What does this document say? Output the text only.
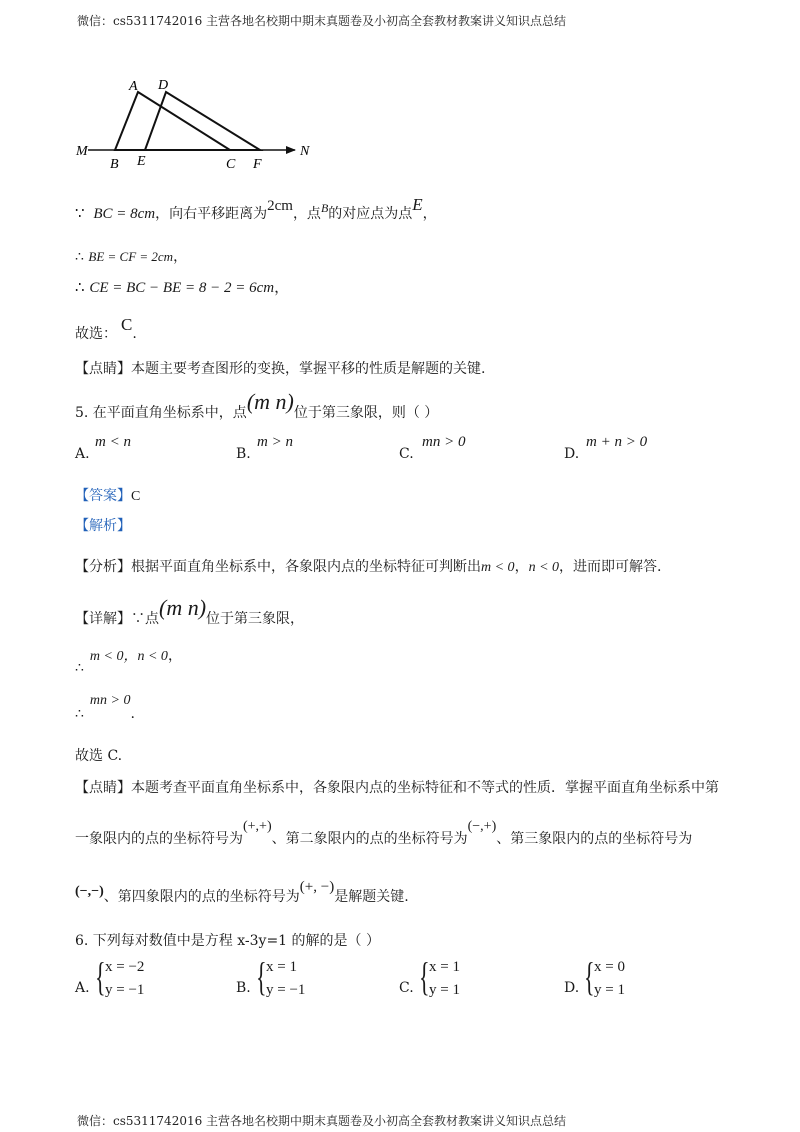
微信：cs5311742016 主营各地名校期中期末真题卷及小初高全套教材教案讲义知识点总结
A D
M	N
B E	C F
∵ BC = 8cm，向右平移距离为2cm，点$^B$的对应点为点E，
∴ BE = CF = 2cm，
∴ CE = BC − BE = 8 − 2 = 6cm，
故选： C.
【点睛】本题主要考查图形的变换，掌握平移的性质是解题的关键.
5. 在平面直角坐标系中，点(m n)位于第三象限，则（ ）
A.
m < n
B.
m > n
C.
mn > 0
D.
m + n > 0
【答案】C
【解析】
【分析】根据平面直角坐标系中，各象限内点的坐标特征可判断出m < 0，n < 0，进而即可解答.
【详解】∵点(m n)位于第三象限，
∴m < 0，n < 0，
∴mn > 0.
故选 C.
【点睛】本题考查平面直角坐标系中，各象限内点的坐标特征和不等式的性质．掌握平面直角坐标系中第
一象限内的点的坐标符号为(+,+)、第二象限内的点的坐标符号为(−,+)、第三象限内的点的坐标符号为
(−,−)、第四象限内的点的坐标符号为(+, −)是解题关键.
6. 下列每对数值中是方程 x-3y=1 的解的是（ ）
A. { x = −2
y = −1	B. { x = 1
y = −1	C. { x = 1
y = 1	D. { x = 0
y = 1
微信：cs5311742016 主营各地名校期中期末真题卷及小初高全套教材教案讲义知识点总结
